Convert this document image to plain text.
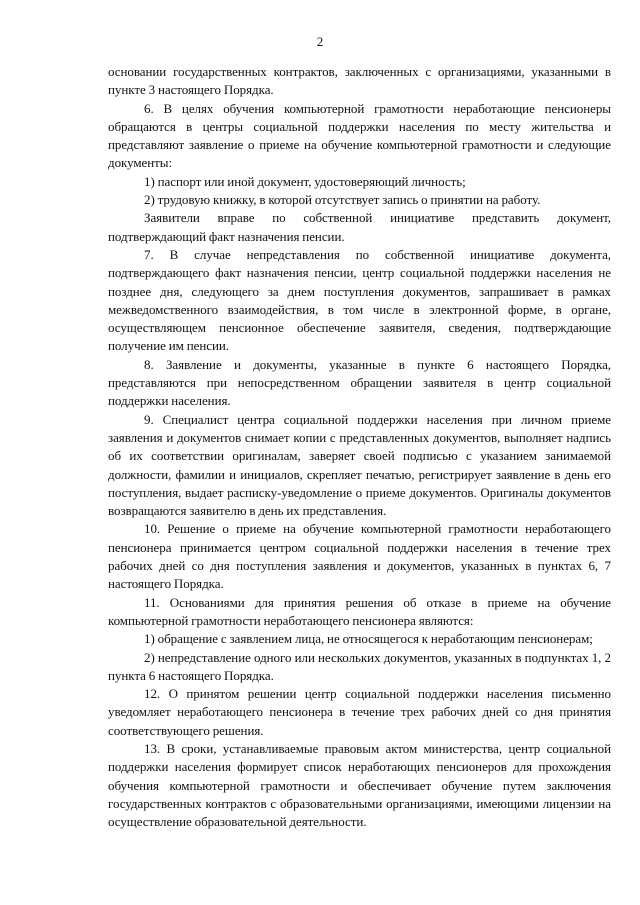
2

основании государственных контрактов, заключенных с организациями, указанными в пункте 3 настоящего Порядка.

6. В целях обучения компьютерной грамотности неработающие пенсионеры обращаются в центры социальной поддержки населения по месту жительства и представляют заявление о приеме на обучение компьютерной грамотности и следующие документы:

1) паспорт или иной документ, удостоверяющий личность;

2) трудовую книжку, в которой отсутствует запись о принятии на работу.

Заявители вправе по собственной инициативе представить документ, подтверждающий факт назначения пенсии.

7. В случае непредставления по собственной инициативе документа, подтверждающего факт назначения пенсии, центр социальной поддержки населения не позднее дня, следующего за днем поступления документов, запрашивает в рамках межведомственного взаимодействия, в том числе в электронной форме, в органе, осуществляющем пенсионное обеспечение заявителя, сведения, подтверждающие получение им пенсии.

8. Заявление и документы, указанные в пункте 6 настоящего Порядка, представляются при непосредственном обращении заявителя в центр социальной поддержки населения.

9. Специалист центра социальной поддержки населения при личном приеме заявления и документов снимает копии с представленных документов, выполняет надпись об их соответствии оригиналам, заверяет своей подписью с указанием занимаемой должности, фамилии и инициалов, скрепляет печатью, регистрирует заявление в день его поступления, выдает расписку-уведомление о приеме документов. Оригиналы документов возвращаются заявителю в день их представления.

10. Решение о приеме на обучение компьютерной грамотности неработающего пенсионера принимается центром социальной поддержки населения в течение трех рабочих дней со дня поступления заявления и документов, указанных в пунктах 6, 7 настоящего Порядка.

11. Основаниями для принятия решения об отказе в приеме на обучение компьютерной грамотности неработающего пенсионера являются:

1) обращение с заявлением лица, не относящегося к неработающим пенсионерам;

2) непредставление одного или нескольких документов, указанных в подпунктах 1, 2 пункта 6 настоящего Порядка.

12. О принятом решении центр социальной поддержки населения письменно уведомляет неработающего пенсионера в течение трех рабочих дней со дня принятия соответствующего решения.

13. В сроки, устанавливаемые правовым актом министерства, центр социальной поддержки населения формирует список неработающих пенсионеров для прохождения обучения компьютерной грамотности и обеспечивает обучение путем заключения государственных контрактов с образовательными организациями, имеющими лицензии на осуществление образовательной деятельности.
